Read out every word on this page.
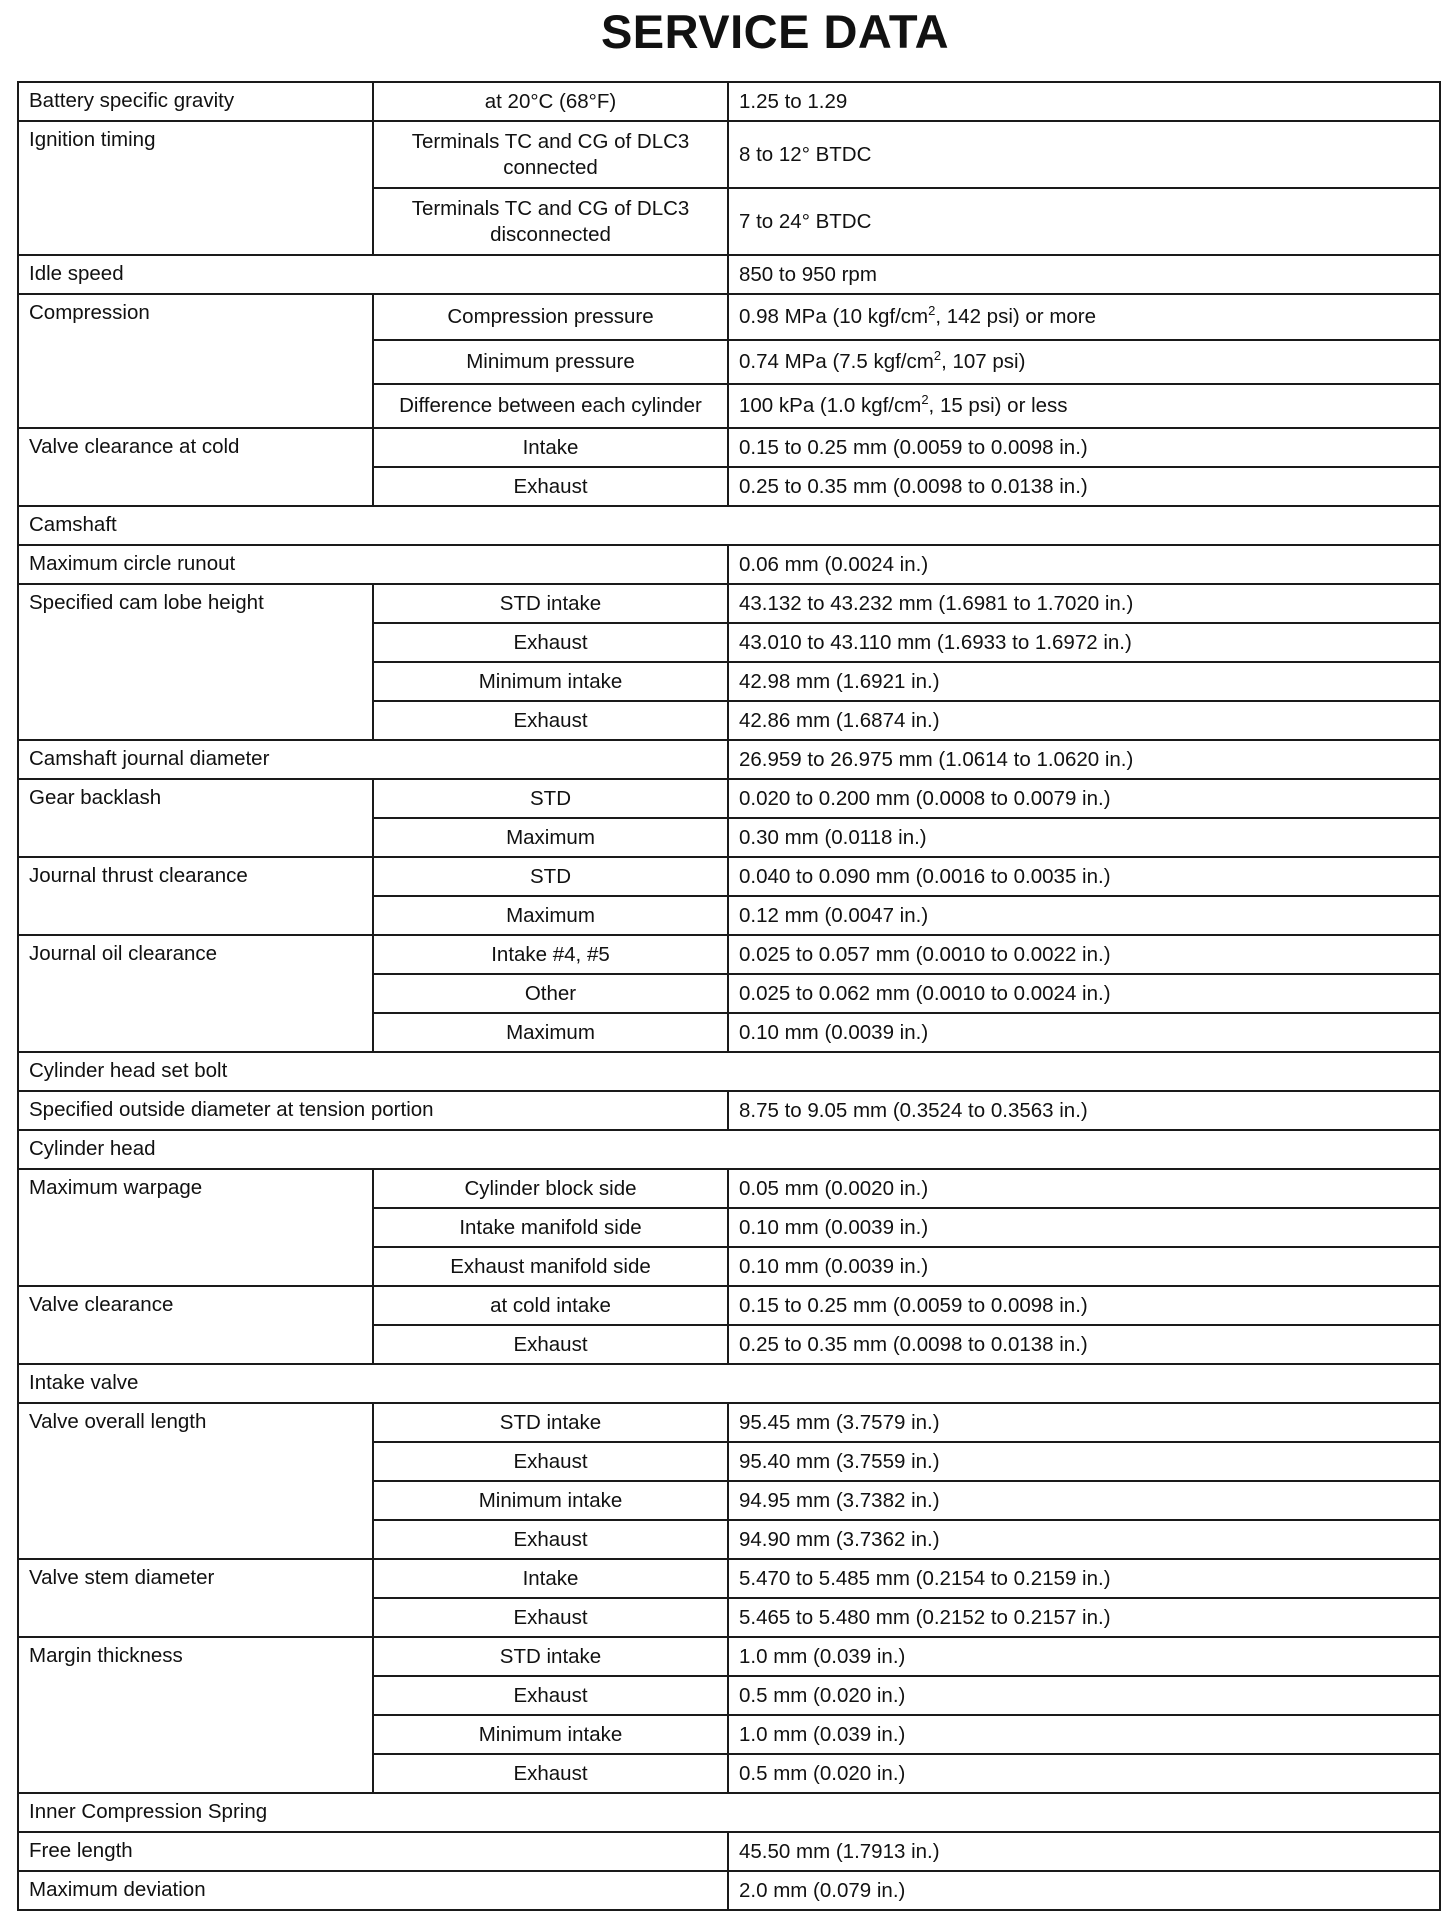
SERVICE DATA
Battery specific gravity	at 20°C (68°F)	1.25 to 1.29
Ignition timing	Terminals TC and CG of DLC3 connected	8 to 12° BTDC
	Terminals TC and CG of DLC3 disconnected	7 to 24° BTDC
Idle speed		850 to 950 rpm
Compression	Compression pressure	0.98 MPa (10 kgf/$cm^2$, 142 psi) or more
	Minimum pressure	0.74 MPa (7.5 kgf/$cm^2$, 107 psi)
	Difference between each cylinder	100 kPa (1.0 kgf/$cm^2$, 15 psi) or less
Valve clearance at cold	Intake	0.15 to 0.25 mm (0.0059 to 0.0098 in.)
	Exhaust	0.25 to 0.35 mm (0.0098 to 0.0138 in.)
Camshaft		
Maximum circle runout		0.06 mm (0.0024 in.)
Specified cam lobe height	STD intake	43.132 to 43.232 mm (1.6981 to 1.7020 in.)
	Exhaust	43.010 to 43.110 mm (1.6933 to 1.6972 in.)
	Minimum intake	42.98 mm (1.6921 in.)
	Exhaust	42.86 mm (1.6874 in.)
Camshaft journal diameter		26.959 to 26.975 mm (1.0614 to 1.0620 in.)
Gear backlash	STD	0.020 to 0.200 mm (0.0008 to 0.0079 in.)
	Maximum	0.30 mm (0.0118 in.)
Journal thrust clearance	STD	0.040 to 0.090 mm (0.0016 to 0.0035 in.)
	Maximum	0.12 mm (0.0047 in.)
Journal oil clearance	Intake #4, #5	0.025 to 0.057 mm (0.0010 to 0.0022 in.)
	Other	0.025 to 0.062 mm (0.0010 to 0.0024 in.)
	Maximum	0.10 mm (0.0039 in.)
Cylinder head set bolt		
Specified outside diameter at tension portion		8.75 to 9.05 mm (0.3524 to 0.3563 in.)
Cylinder head		
Maximum warpage	Cylinder block side	0.05 mm (0.0020 in.)
	Intake manifold side	0.10 mm (0.0039 in.)
	Exhaust manifold side	0.10 mm (0.0039 in.)
Valve clearance	at cold intake	0.15 to 0.25 mm (0.0059 to 0.0098 in.)
	Exhaust	0.25 to 0.35 mm (0.0098 to 0.0138 in.)
Intake valve		
Valve overall length	STD intake	95.45 mm (3.7579 in.)
	Exhaust	95.40 mm (3.7559 in.)
	Minimum intake	94.95 mm (3.7382 in.)
	Exhaust	94.90 mm (3.7362 in.)
Valve stem diameter	Intake	5.470 to 5.485 mm (0.2154 to 0.2159 in.)
	Exhaust	5.465 to 5.480 mm (0.2152 to 0.2157 in.)
Margin thickness	STD intake	1.0 mm (0.039 in.)
	Exhaust	0.5 mm (0.020 in.)
	Minimum intake	1.0 mm (0.039 in.)
	Exhaust	0.5 mm (0.020 in.)
Inner Compression Spring		
Free length		45.50 mm (1.7913 in.)
Maximum deviation		2.0 mm (0.079 in.)
